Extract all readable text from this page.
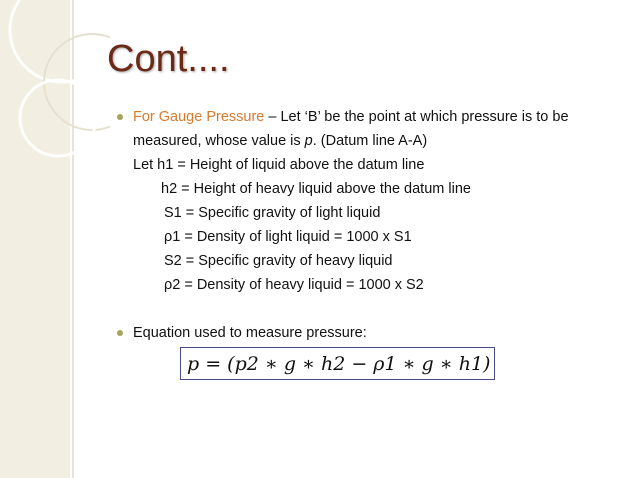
Cont....
For Gauge Pressure – Let ‘B’ be the point at which pressure is to be measured, whose value is p. (Datum line A-A)
Let h1 = Height of liquid above the datum line
h2 = Height of heavy liquid above the datum line
S1 = Specific gravity of light liquid
ρ1 = Density of light liquid = 1000 x S1
S2 = Specific gravity of heavy liquid
ρ2 = Density of heavy liquid = 1000 x S2
Equation used to measure pressure:
p = (p2 ∗ g ∗ h2 − ρ1 ∗ g ∗ h1)
